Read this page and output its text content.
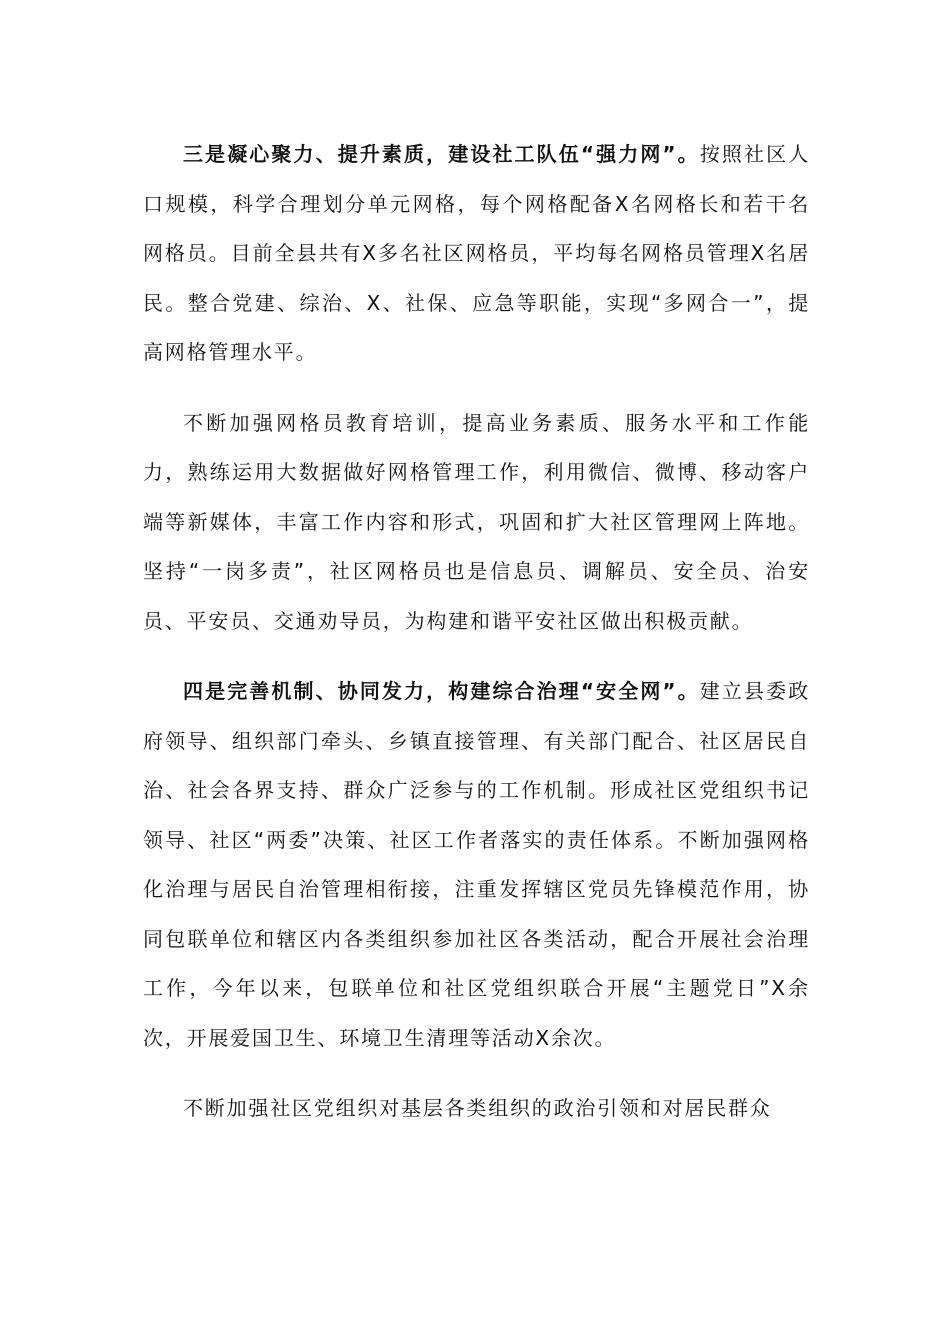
三是凝心聚力、提升素质，建设社工队伍“强力网”。按照社区人口规模，科学合理划分单元网格，每个网格配备X名网格长和若干名网格员。目前全县共有X多名社区网格员，平均每名网格员管理X名居民。整合党建、综治、X、社保、应急等职能，实现“多网合一”，提高网格管理水平。

不断加强网格员教育培训，提高业务素质、服务水平和工作能力，熟练运用大数据做好网格管理工作，利用微信、微博、移动客户端等新媒体，丰富工作内容和形式，巩固和扩大社区管理网上阵地。坚持“一岗多责”，社区网格员也是信息员、调解员、安全员、治安员、平安员、交通劝导员，为构建和谐平安社区做出积极贡献。

四是完善机制、协同发力，构建综合治理“安全网”。建立县委政府领导、组织部门牵头、乡镇直接管理、有关部门配合、社区居民自治、社会各界支持、群众广泛参与的工作机制。形成社区党组织书记领导、社区“两委”决策、社区工作者落实的责任体系。不断加强网格化治理与居民自治管理相衔接，注重发挥辖区党员先锋模范作用，协同包联单位和辖区内各类组织参加社区各类活动，配合开展社会治理工作，今年以来，包联单位和社区党组织联合开展“主题党日”X余次，开展爱国卫生、环境卫生清理等活动X余次。

不断加强社区党组织对基层各类组织的政治引领和对居民群众
